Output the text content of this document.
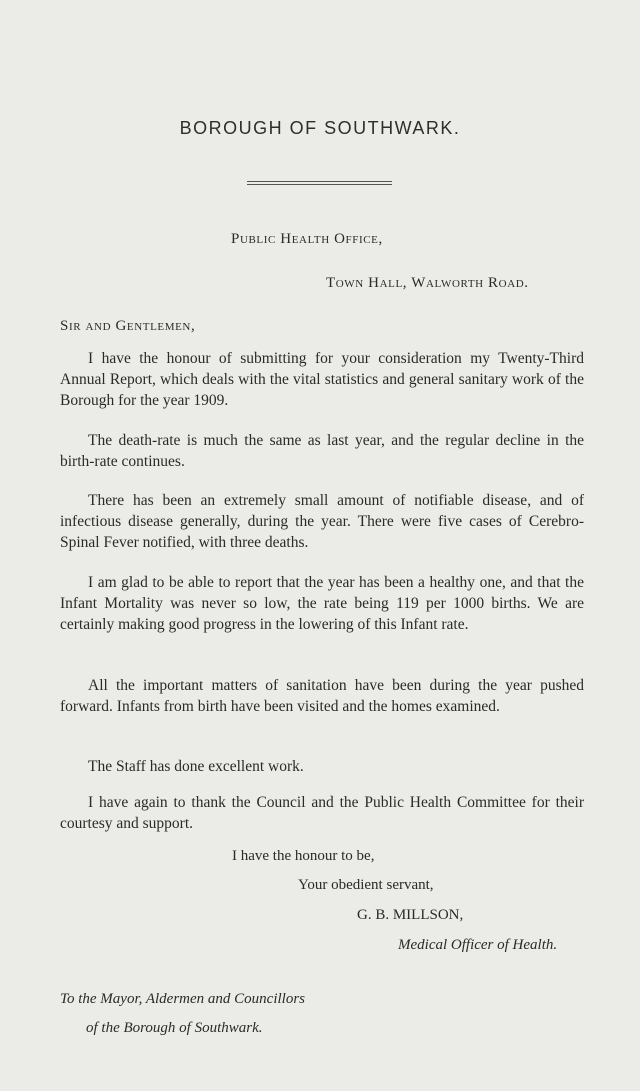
BOROUGH OF SOUTHWARK.
Public Health Office,
Town Hall, Walworth Road.
Sir and Gentlemen,
I have the honour of submitting for your consideration my Twenty-Third Annual Report, which deals with the vital statistics and general sanitary work of the Borough for the year 1909.
The death-rate is much the same as last year, and the regular decline in the birth-rate continues.
There has been an extremely small amount of notifiable disease, and of infectious disease generally, during the year. There were five cases of Cerebro-Spinal Fever notified, with three deaths.
I am glad to be able to report that the year has been a healthy one, and that the Infant Mortality was never so low, the rate being 119 per 1000 births. We are certainly making good progress in the lowering of this Infant rate.
All the important matters of sanitation have been during the year pushed forward. Infants from birth have been visited and the homes examined.
The Staff has done excellent work.
I have again to thank the Council and the Public Health Committee for their courtesy and support.
I have the honour to be,
Your obedient servant,
G. B. MILLSON,
Medical Officer of Health.
To the Mayor, Aldermen and Councillors
of the Borough of Southwark.
